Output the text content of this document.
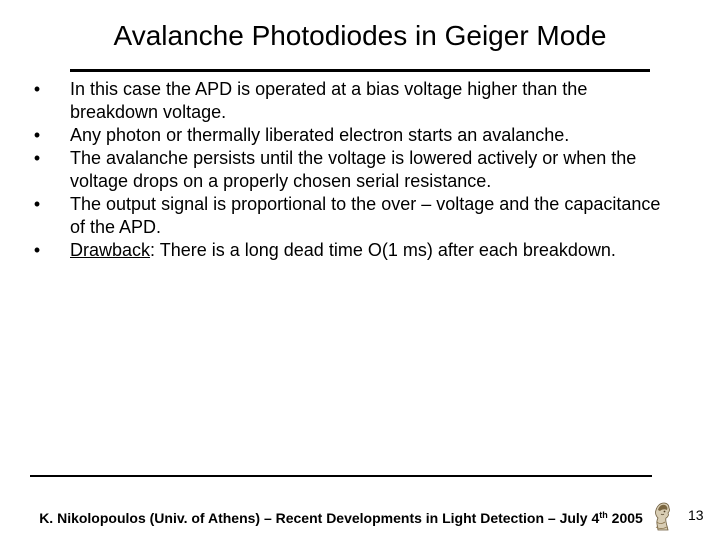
Avalanche Photodiodes in Geiger Mode
• In this case the APD is operated at a bias voltage higher than the breakdown voltage.
• Any photon or thermally liberated electron starts an avalanche.
• The avalanche persists until the voltage is lowered actively or when the voltage drops on a properly chosen serial resistance.
• The output signal is proportional to the over – voltage and the capacitance of the APD.
• Drawback: There is a long dead time O(1 ms) after each breakdown.
K. Nikolopoulos (Univ. of Athens) – Recent Developments in Light Detection – July 4th 2005	13
